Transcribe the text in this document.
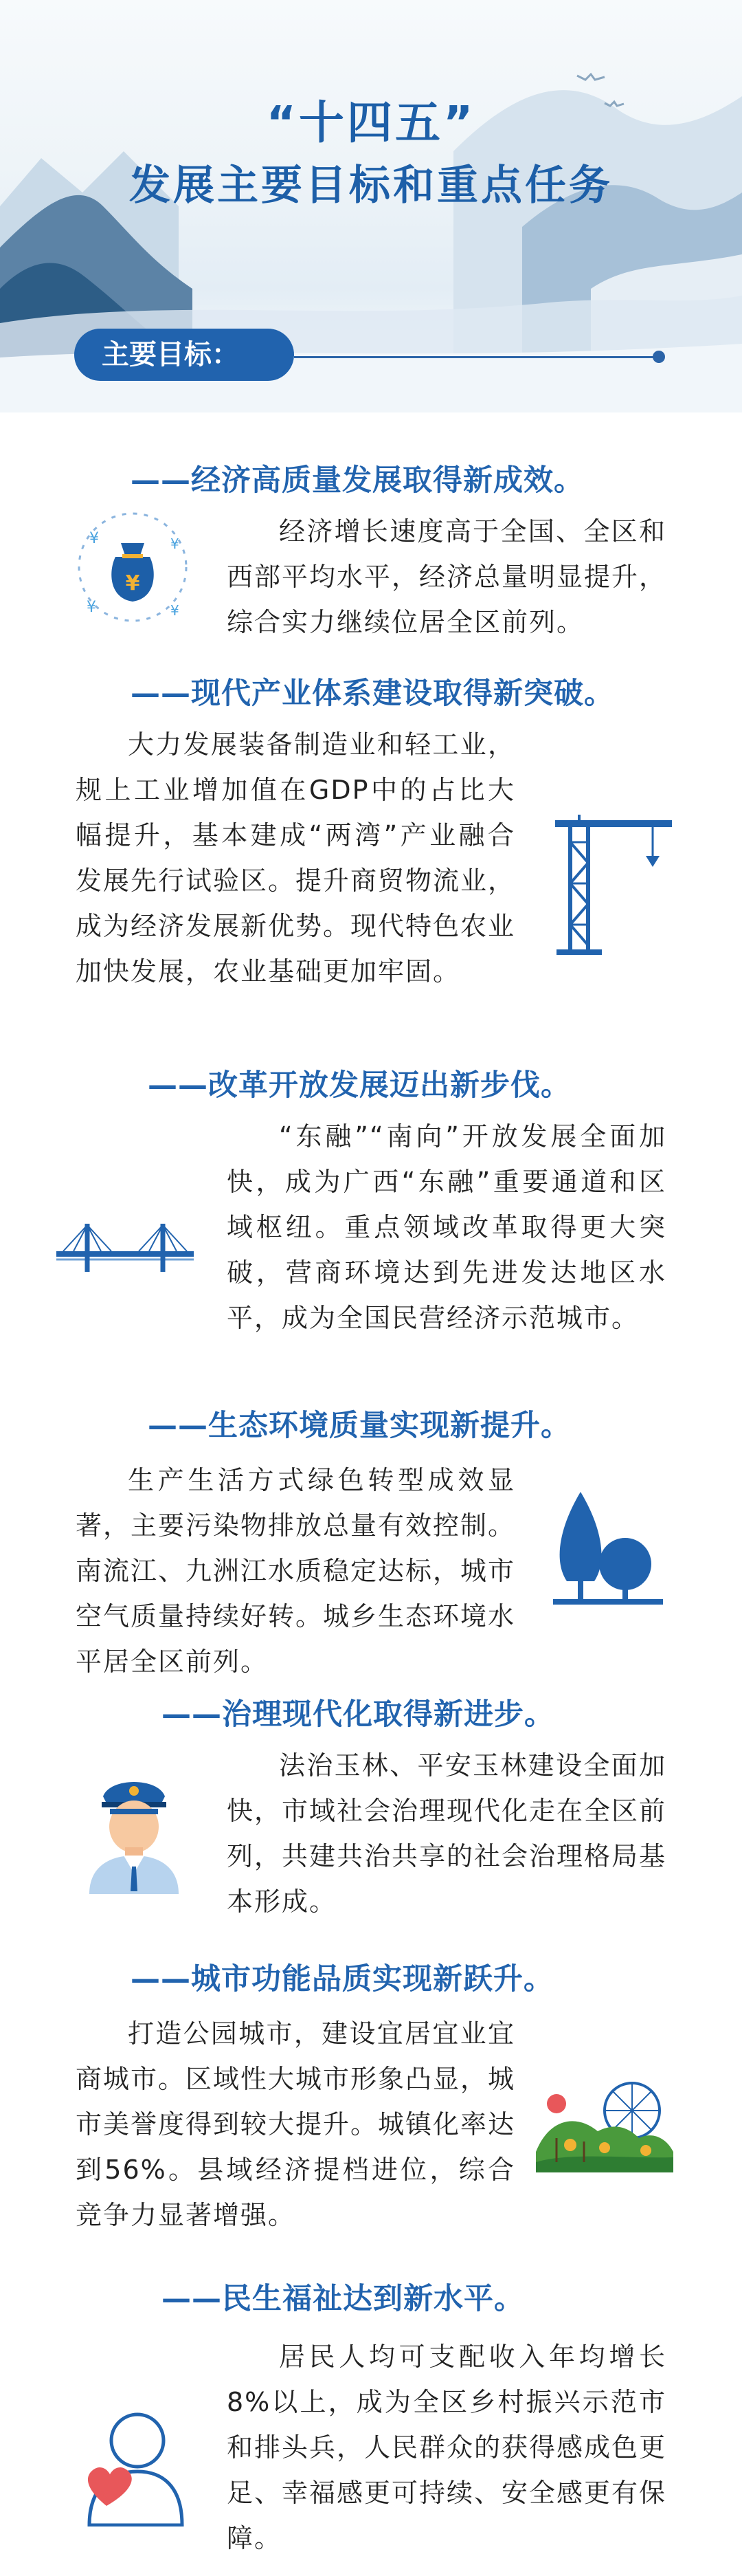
“十四五”
发展主要目标和重点任务
主要目标：
——经济高质量发展取得新成效。
¥
¥	¥
¥	¥
经济增长速度高于全国、全区和西部平均水平，经济总量明显提升，综合实力继续位居全区前列。
——现代产业体系建设取得新突破。
大力发展装备制造业和轻工业，规上工业增加值在GDP中的占比大幅提升，基本建成“两湾”产业融合发展先行试验区。提升商贸物流业，成为经济发展新优势。现代特色农业加快发展，农业基础更加牢固。
——改革开放发展迈出新步伐。
“东融”“南向”开放发展全面加快，成为广西“东融”重要通道和区域枢纽。重点领域改革取得更大突破，营商环境达到先进发达地区水平，成为全国民营经济示范城市。
——生态环境质量实现新提升。
生产生活方式绿色转型成效显著，主要污染物排放总量有效控制。南流江、九洲江水质稳定达标，城市空气质量持续好转。城乡生态环境水平居全区前列。
——治理现代化取得新进步。
法治玉林、平安玉林建设全面加快，市域社会治理现代化走在全区前列，共建共治共享的社会治理格局基本形成。
——城市功能品质实现新跃升。
打造公园城市，建设宜居宜业宜商城市。区域性大城市形象凸显，城市美誉度得到较大提升。城镇化率达到56%。县域经济提档进位，综合竞争力显著增强。
——民生福祉达到新水平。
居民人均可支配收入年均增长8%以上，成为全区乡村振兴示范市和排头兵，人民群众的获得感成色更足、幸福感更可持续、安全感更有保障。
